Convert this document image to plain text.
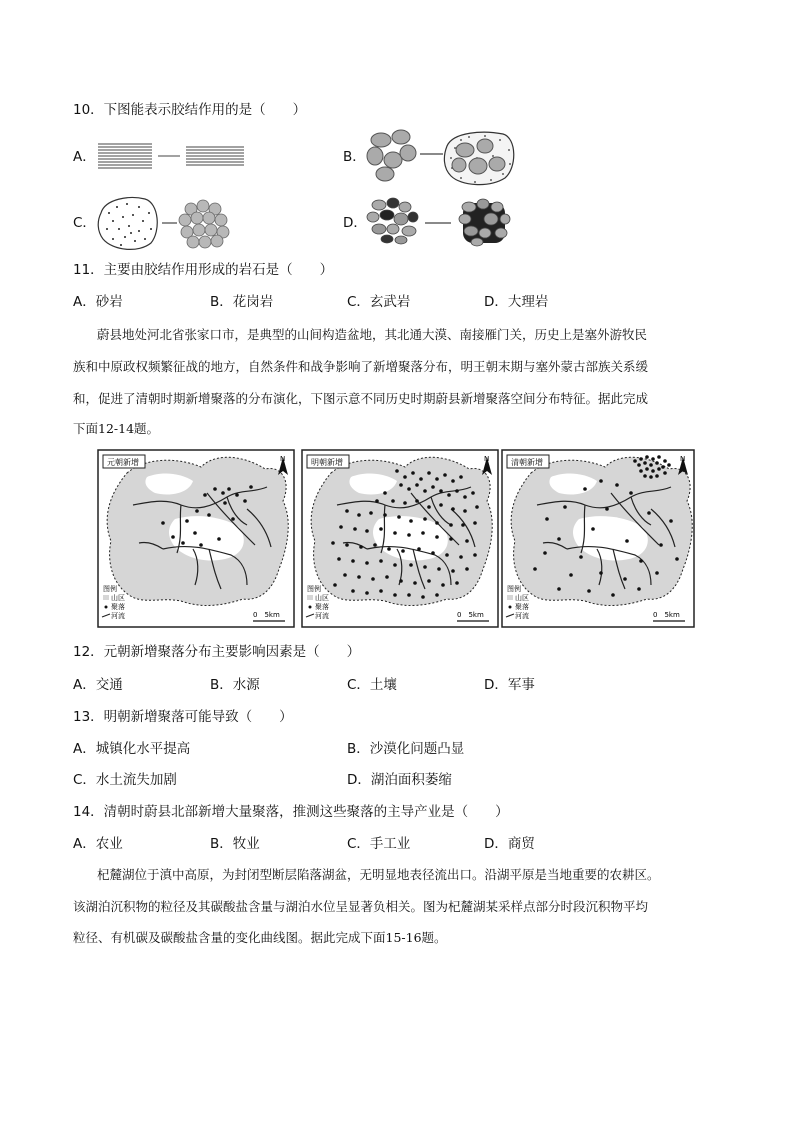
10．下图能表示胶结作用的是（　　）
A．	B．
C．	D．
11．主要由胶结作用形成的岩石是（　　）
A．砂岩	B．花岗岩	C．玄武岩	D．大理岩
蔚县地处河北省张家口市，是典型的山间构造盆地，其北通大漠、南接雁门关，历史上是塞外游牧民
族和中原政权频繁征战的地方，自然条件和战争影响了新增聚落分布，明王朝末期与塞外蒙古部族关系缓
和，促进了清朝时期新增聚落的分布演化，下图示意不同历史时期蔚县新增聚落空间分布特征。据此完成
下面12-14题。
元朝新增	N
图例
山区
聚落
河流	0　5km
明朝新增	N
图例
山区
聚落
河流	0　5km
清朝新增	N
图例
山区
聚落
河流	0　5km
12．元朝新增聚落分布主要影响因素是（　　）
A．交通	B．水源	C．土壤	D．军事
13．明朝新增聚落可能导致（　　）
A．城镇化水平提高	B．沙漠化问题凸显
C．水土流失加剧	D．湖泊面积萎缩
14．清朝时蔚县北部新增大量聚落，推测这些聚落的主导产业是（　　）
A．农业	B．牧业	C．手工业	D．商贸
杞麓湖位于滇中高原，为封闭型断层陷落湖盆，无明显地表径流出口。沿湖平原是当地重要的农耕区。
该湖泊沉积物的粒径及其碳酸盐含量与湖泊水位呈显著负相关。图为杞麓湖某采样点部分时段沉积物平均
粒径、有机碳及碳酸盐含量的变化曲线图。据此完成下面15-16题。
